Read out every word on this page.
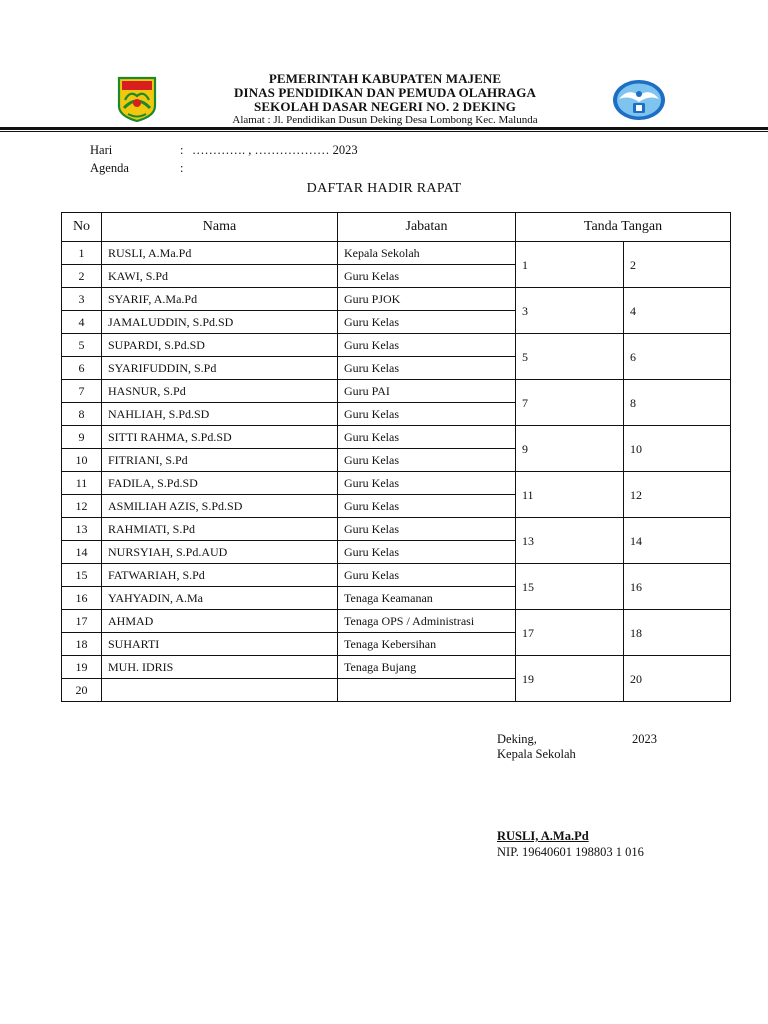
PEMERINTAH KABUPATEN MAJENE
DINAS PENDIDIKAN DAN PEMUDA OLAHRAGA
SEKOLAH DASAR NEGERI NO. 2 DEKING
Alamat : Jl. Pendidikan Dusun Deking Desa Lombong Kec. Malunda
Hari	: …………. , ……………… 2023
Agenda	:
DAFTAR HADIR RAPAT
No	Nama	Jabatan	Tanda Tangan	
1	RUSLI, A.Ma.Pd	Kepala Sekolah	1	2
2	KAWI, S.Pd	Guru Kelas		
3	SYARIF, A.Ma.Pd	Guru PJOK	3	4
4	JAMALUDDIN, S.Pd.SD	Guru Kelas		
5	SUPARDI, S.Pd.SD	Guru Kelas	5	6
6	SYARIFUDDIN, S.Pd	Guru Kelas		
7	HASNUR, S.Pd	Guru PAI	7	8
8	NAHLIAH, S.Pd.SD	Guru Kelas		
9	SITTI RAHMA, S.Pd.SD	Guru Kelas	9	10
10	FITRIANI, S.Pd	Guru Kelas		
11	FADILA, S.Pd.SD	Guru Kelas	11	12
12	ASMILIAH AZIS, S.Pd.SD	Guru Kelas		
13	RAHMIATI, S.Pd	Guru Kelas	13	14
14	NURSYIAH, S.Pd.AUD	Guru Kelas		
15	FATWARIAH, S.Pd	Guru Kelas	15	16
16	YAHYADIN, A.Ma	Tenaga Keamanan		
17	AHMAD	Tenaga OPS / Administrasi	17	18
18	SUHARTI	Tenaga Kebersihan		
19	MUH. IDRIS	Tenaga Bujang	19	20
20				
Deking,	2023
Kepala Sekolah
RUSLI, A.Ma.Pd
NIP. 19640601 198803 1 016
